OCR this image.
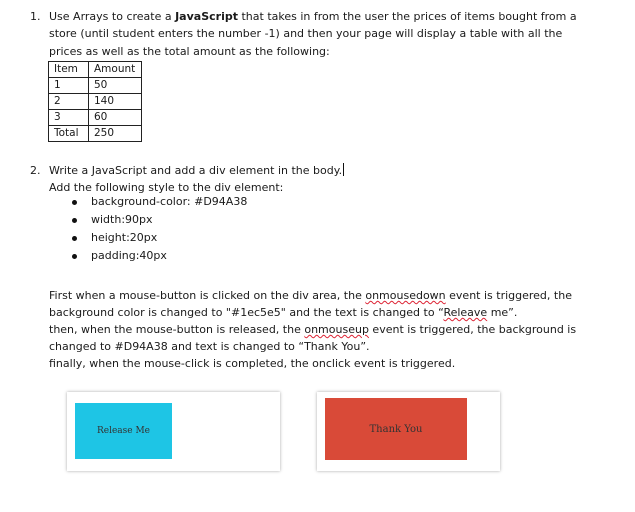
1. Use Arrays to create a JavaScript that takes in from the user the prices of items bought from a
store (until student enters the number -1) and then your page will display a table with all the
prices as well as the total amount as the following:
Item	Amount
1	50
2	140
3	60
Total	250
2. Write a JavaScript and add a div element in the body.
Add the following style to the div element:
background-color: #D94A38
width:90px
height:20px
padding:40px
First when a mouse-button is clicked on the div area, the onmousedown event is triggered, the
background color is changed to "#1ec5e5" and the text is changed to “Releave me”.
then, when the mouse-button is released, the onmouseup event is triggered, the background is
changed to #D94A38 and text is changed to “Thank You”.
finally, when the mouse-click is completed, the onclick event is triggered.
Release Me	Thank You
